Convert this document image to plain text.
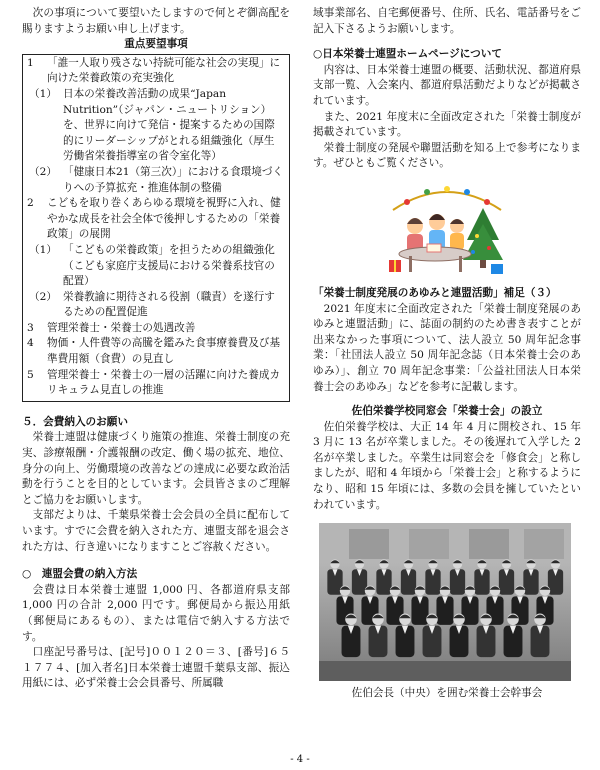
次の事項について要望いたしますので何とぞ御高配を賜りますようお願い申し上げます。

重点要望事項
1	「誰一人取り残さない持続可能な社会の実現」に向けた栄養政策の充実強化
（1） 日本の栄養改善活動の成果“Japan Nutrition”（ジャパン・ニュートリション）を、世界に向けて発信・提案するための国際的にリーダーシップがとれる組織強化（厚生労働省栄養指導室の省令室化等）
（2） 「健康日本21（第三次）」における食環境づくりへの予算拡充・推進体制の整備
2	こどもを取り巻くあらゆる環境を視野に入れ、健やかな成長を社会全体で後押しするための「栄養政策」の展開
（1） 「こどもの栄養政策」を担うための組織強化（こども家庭庁支援局における栄養系技官の配置）
（2） 栄養教諭に期待される役割（職責）を遂行するための配置促進
3	管理栄養士・栄養士の処遇改善
4	物価・人件費等の高騰を鑑みた食事療養費及び基準費用額（食費）の見直し
5	管理栄養士・栄養士の一層の活躍に向けた養成カリキュラム見直しの推進
５．会費納入のお願い

栄養士連盟は健康づくり施策の推進、栄養士制度の充実、診療報酬・介護報酬の改定、働く場の拡充、地位、身分の向上、労働環境の改善などの達成に必要な政治活動を行うことを目的としています。会員皆さまのご理解とご協力をお願いします。

支部だよりは、千葉県栄養士会会員の全員に配布しています。すでに会費を納入された方、連盟支部を退会された方は、行き違いになりますことご容赦ください。

○　連盟会費の納入方法

会費は日本栄養士連盟 1,000 円、各都道府県支部 1,000 円の合計 2,000 円です。郵便局から振込用紙（郵便局にあるもの）、または電信で納入する方法です。

口座記号番号は、[記号]００１２０＝３、[番号]６５１７７４、[加入者名]日本栄養士連盟千葉県支部、振込用紙には、必ず栄養士会会員番号、所属職

域事業部名、自宅郵便番号、住所、氏名、電話番号をご記入下さるようお願いします。

○日本栄養士連盟ホームページについて

内容は、日本栄養士連盟の概要、活動状況、都道府県支部一覧、入会案内、都道府県活動だよりなどが掲載されています。

また、2021 年度末に全面改定された「栄養士制度が掲載されています。

栄養士制度の発展や聯盟活動を知る上で参考になります。ぜひともご覧ください。

「栄養士制度発展のあゆみと連盟活動」補足（３）

2021 年度末に全面改定された「栄養士制度発展のあゆみと連盟活動」に、誌面の制約のため書き表すことが出来なかった事項について、法人設立 50 周年記念事業：「社団法人設立 50 周年記念誌（日本栄養士会のあゆみ）」、創立 70 周年記念事業：「公益社団法人日本栄養士会のあゆみ」などを参考に記載します。

佐伯栄養学校同窓会「栄養士会」の設立

佐伯栄養学校は、大正 14 年 4 月に開校され、15 年 3 月に 13 名が卒業しました。その後遅れて入学した 2 名が卒業しました。卒業生は同窓会を「修食会」と称しましたが、昭和 4 年頃から「栄養士会」と称するようになり、昭和 15 年頃には、多数の会員を擁していたといわれています。

佐伯会長（中央）を囲む栄養士会幹事会
- 4 -
